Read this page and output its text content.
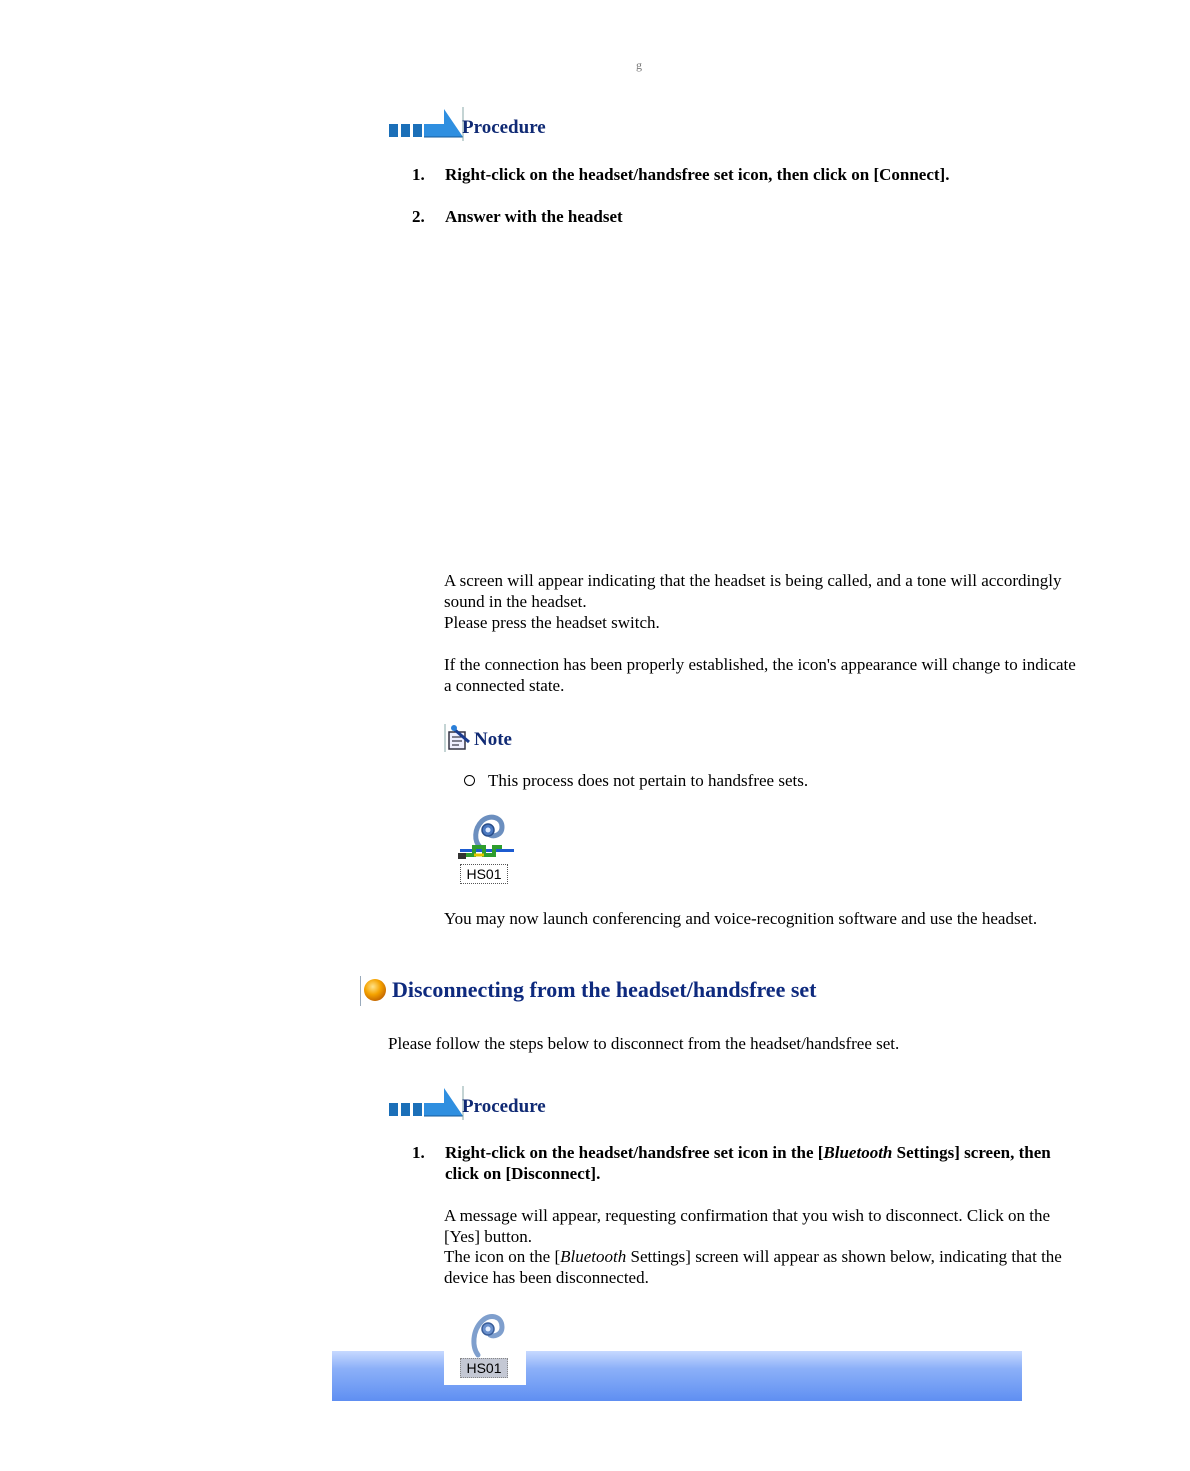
g
Procedure
1. Right-click on the headset/handsfree set icon, then click on [Connect].
2. Answer with the headset
A screen will appear indicating that the headset is being called, and a tone will accordingly sound in the headset.
Please press the headset switch.
If the connection has been properly established, the icon's appearance will change to indicate a connected state.
Note
This process does not pertain to handsfree sets.
HS01
You may now launch conferencing and voice-recognition software and use the headset.
Disconnecting from the headset/handsfree set
Please follow the steps below to disconnect from the headset/handsfree set.
Procedure
1. Right-click on the headset/handsfree set icon in the [Bluetooth Settings] screen, then click on [Disconnect].
A message will appear, requesting confirmation that you wish to disconnect. Click on the [Yes] button.
The icon on the [Bluetooth Settings] screen will appear as shown below, indicating that the device has been disconnected.
HS01
